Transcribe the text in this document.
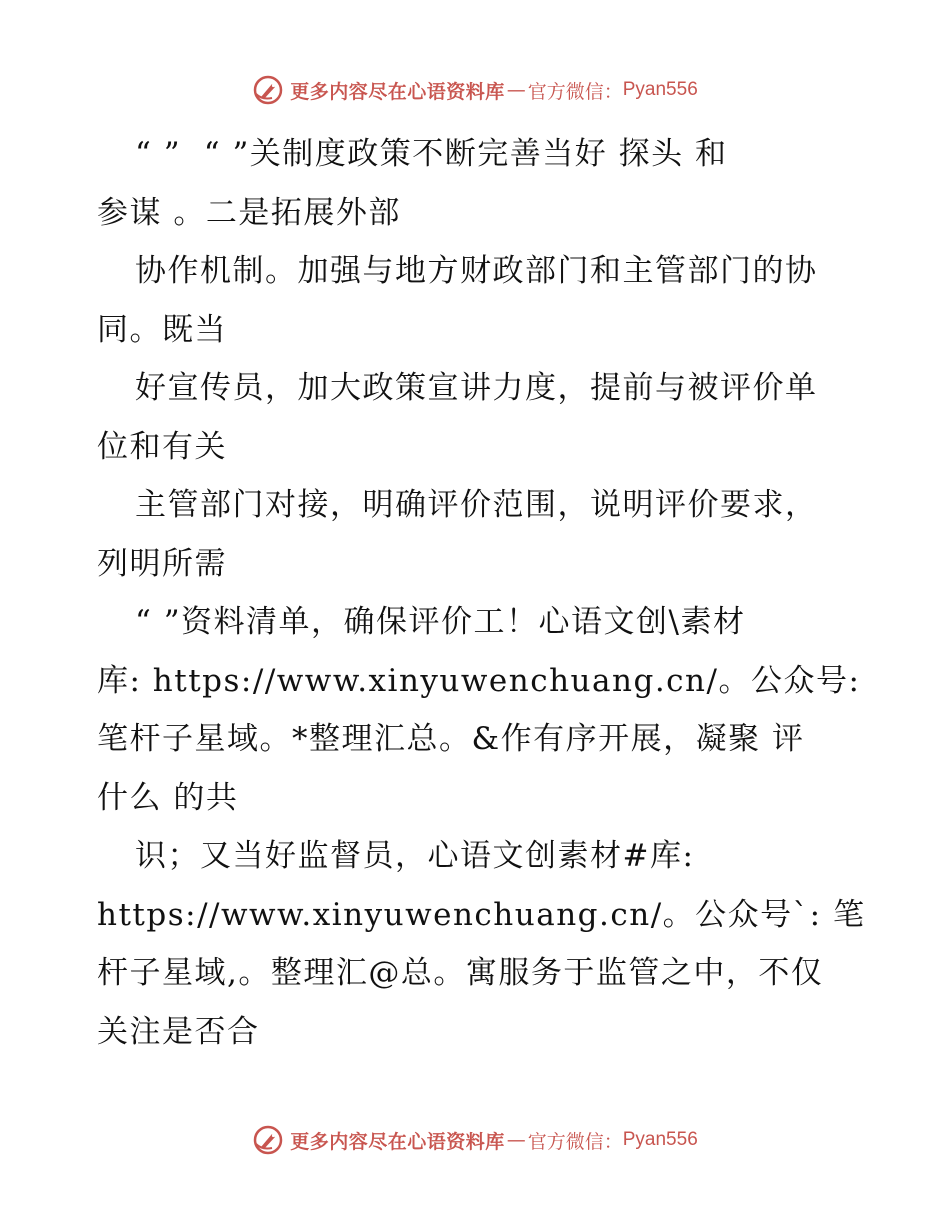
更多内容尽在心语资料库 — 官方微信： Pyan556
“ ”  “ ”关制度政策不断完善当好 探头 和
参谋 。二是拓展外部
协作机制。加强与地方财政部门和主管部门的协
同。既当
好宣传员，加大政策宣讲力度，提前与被评价单
位和有关
主管部门对接，明确评价范围，说明评价要求，
列明所需
“ ”资料清单，确保评价工！心语文创\素材
库: https://www.xinyuwenchuang.cn/。公众号:
笔杆子星域。*整理汇总。&作有序开展，凝聚 评
什么 的共
识；又当好监督员，心语文创素材#库:
https://www.xinyuwenchuang.cn/。公众号`: 笔
杆子星域,。整理汇@总。寓服务于监管之中，不仅
关注是否合
更多内容尽在心语资料库 — 官方微信： Pyan556
